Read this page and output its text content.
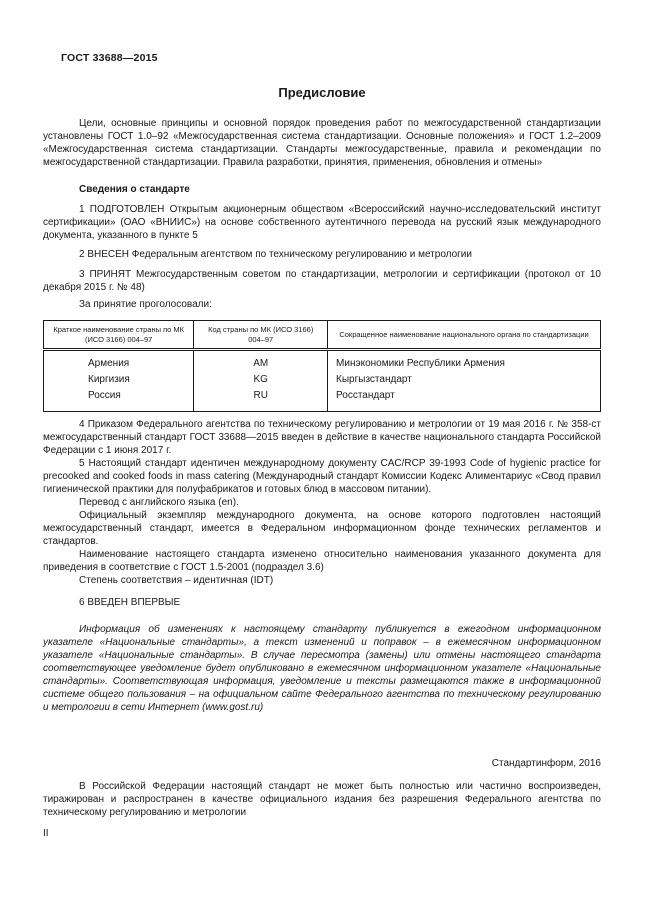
ГОСТ 33688—2015
Предисловие

Цели, основные принципы и основной порядок проведения работ по межгосударственной стандартизации установлены ГОСТ 1.0–92 «Межгосударственная система стандартизации. Основные положения» и ГОСТ 1.2–2009 «Межгосударственная система стандартизации. Стандарты межгосударственные, правила и рекомендации по межгосударственной стандартизации. Правила разработки, принятия, применения, обновления и отмены»

Сведения о стандарте

1 ПОДГОТОВЛЕН Открытым акционерным обществом «Всероссийский научно-исследовательский институт сертификации» (ОАО «ВНИИС») на основе собственного аутентичного перевода на русский язык международного документа, указанного в пункте 5

2 ВНЕСЕН Федеральным агентством по техническому регулированию и метрологии

3 ПРИНЯТ Межгосударственным советом по стандартизации, метрологии и сертификации (протокол от 10 декабря 2015 г. № 48)

За принятие проголосовали:

Краткое наименование страны по МК (ИСО 3166) 004–97	Код страны по МК (ИСО 3166) 004–97	Сокращенное наименование национального органа по стандартизации
Армения	AM	Минэкономики Республики Армения
Киргизия	KG	Кыргызстандарт
Россия	RU	Росстандарт

4 Приказом Федерального агентства по техническому регулированию и метрологии от 19 мая 2016 г. № 358-ст межгосударственный стандарт ГОСТ 33688—2015 введен в действие в качестве национального стандарта Российской Федерации с 1 июня 2017 г.

5 Настоящий стандарт идентичен международному документу CAC/RCP 39-1993 Code of hygienic practice for precooked and cooked foods in mass catering (Международный стандарт Комиссии Кодекс Алиментариус «Свод правил гигиенической практики для полуфабрикатов и готовых блюд в массовом питании).

Перевод с английского языка (en).

Официальный экземпляр международного документа, на основе которого подготовлен настоящий межгосударственный стандарт, имеется в Федеральном информационном фонде технических регламентов и стандартов.

Наименование настоящего стандарта изменено относительно наименования указанного документа для приведения в соответствие с ГОСТ 1.5-2001 (подраздел 3.6)

Степень соответствия – идентичная (IDT)

6 ВВЕДЕН ВПЕРВЫЕ

Информация об изменениях к настоящему стандарту публикуется в ежегодном информационном указателе «Национальные стандарты», а текст изменений и поправок – в ежемесячном информационном указателе «Национальные стандарты». В случае пересмотра (замены) или отмены настоящего стандарта соответствующее уведомление будет опубликовано в ежемесячном информационном указателе «Национальные стандарты». Соответствующая информация, уведомление и тексты размещаются также в информационной системе общего пользования – на официальном сайте Федерального агентства по техническому регулированию и метрологии в сети Интернет (www.gost.ru)

Стандартинформ, 2016

В Российской Федерации настоящий стандарт не может быть полностью или частично воспроизведен, тиражирован и распространен в качестве официального издания без разрешения Федерального агентства по техническому регулированию и метрологии

II
